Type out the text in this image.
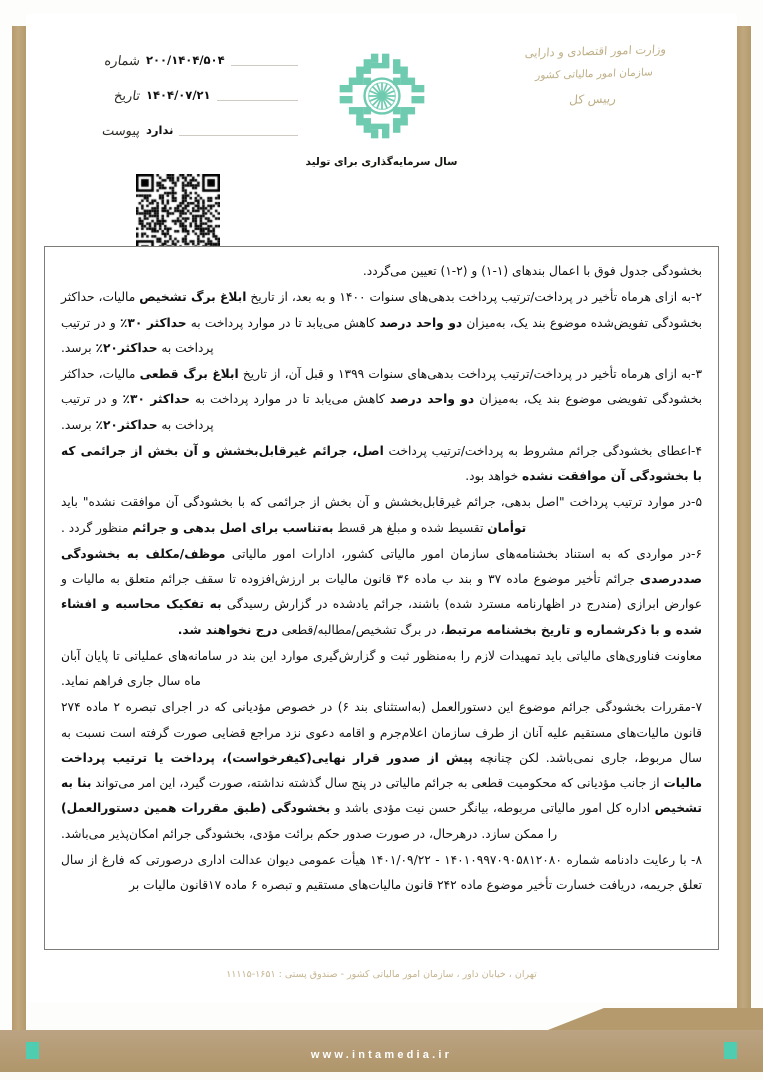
وزارت امور اقتصادی و دارایی
سازمان امور مالیاتی کشور
رییس کل
سال سرمایه‌گذاری برای تولید
شماره ۲۰۰/۱۴۰۴/۵۰۴
تاریخ ۱۴۰۴/۰۷/۲۱
پیوست ندارد
بخشودگی جدول فوق با اعمال بندهای (۱-۱) و (۲-۱) تعیین می‌گردد.
۲-به ازای هرماه تأخیر در پرداخت/ترتیب پرداخت بدهی‌های سنوات ۱۴۰۰ و به بعد، از تاریخ ابلاغ برگ تشخیص مالیات، حداکثر بخشودگی تفویض‌شده موضوع بند یک، به‌میزان دو واحد درصد کاهش می‌یابد تا در موارد پرداخت به حداکثر ۳۰٪ و در ترتیب پرداخت به حداکثر۲۰٪ برسد.
۳-به ازای هرماه تأخیر در پرداخت/ترتیب پرداخت بدهی‌های سنوات ۱۳۹۹ و قبل آن، از تاریخ ابلاغ برگ قطعی مالیات، حداکثر بخشودگی تفویضی موضوع بند یک، به‌میزان دو واحد درصد کاهش می‌یابد تا در موارد پرداخت به حداکثر ۳۰٪ و در ترتیب پرداخت به حداکثر۲۰٪ برسد.
۴-اعطای بخشودگی جرائم مشروط به پرداخت/ترتیب پرداخت اصل، جرائم غیرقابل‌بخشش و آن بخش از جرائمی که با بخشودگی آن موافقت نشده خواهد بود.
۵-در موارد ترتیب پرداخت "اصل بدهی، جرائم غیرقابل‌بخشش و آن بخش از جرائمی که با بخشودگی آن موافقت نشده" باید توأمان تقسیط شده و مبلغ هر قسط به‌تناسب برای اصل بدهی و جرائم منظور گردد .
۶-در مواردی که به استناد بخشنامه‌های سازمان امور مالیاتی کشور، ادارات امور مالیاتی موظف/مکلف به بخشودگی صددرصدی جرائم تأخیر موضوع ماده ۳۷ و بند ب ماده ۳۶ قانون مالیات بر ارزش‌افزوده تا سقف جرائم متعلق به مالیات و عوارض ابرازی (مندرج در اظهارنامه مسترد شده) باشند، جرائم یادشده در گزارش رسیدگی به تفکیک محاسبه و افشاء شده و با ذکرشماره و تاریخ بخشنامه مرتبط، در برگ تشخیص/مطالبه/قطعی درج نخواهند شد.
معاونت فناوری‌های مالیاتی باید تمهیدات لازم را به‌منظور ثبت و گزارش‌گیری موارد این بند در سامانه‌های عملیاتی تا پایان آبان ماه سال جاری فراهم نماید.
۷-مقررات بخشودگی جرائم موضوع این دستورالعمل (به‌استثنای بند ۶) در خصوص مؤدیانی که در اجرای تبصره ۲ ماده ۲۷۴ قانون مالیات‌های مستقیم علیه آنان از طرف سازمان اعلام‌جرم و اقامه دعوی نزد مراجع قضایی صورت گرفته است نسبت به سال مربوط، جاری نمی‌باشد. لکن چنانچه پیش از صدور قرار نهایی(کیفرخواست)، پرداخت یا ترتیب پرداخت مالیات از جانب مؤدیانی که محکومیت قطعی به جرائم مالیاتی در پنج سال گذشته نداشته، صورت گیرد، این امر می‌تواند بنا به تشخیص اداره کل امور مالیاتی مربوطه، بیانگر حسن نیت مؤدی باشد و بخشودگی (طبق مقررات همین دستورالعمل) را ممکن سازد. درهرحال، در صورت صدور حکم برائت مؤدی، بخشودگی جرائم امکان‌پذیر می‌باشد.
۸- با رعایت دادنامه شماره ۱۴۰۱۰۹۹۷۰۹۰۵۸۱۲۰۸۰ - ۱۴۰۱/۰۹/۲۲ هیأت عمومی دیوان عدالت اداری درصورتی که فارغ از سال تعلق جریمه، دریافت خسارت تأخیر موضوع ماده ۲۴۲ قانون مالیات‌های مستقیم و تبصره ۶ ماده ۱۷قانون مالیات بر
تهران ، خیابان داور ، سازمان امور مالیاتی کشور - صندوق پستی : ۱۶۵۱-۱۱۱۱۵
www.intamedia.ir
